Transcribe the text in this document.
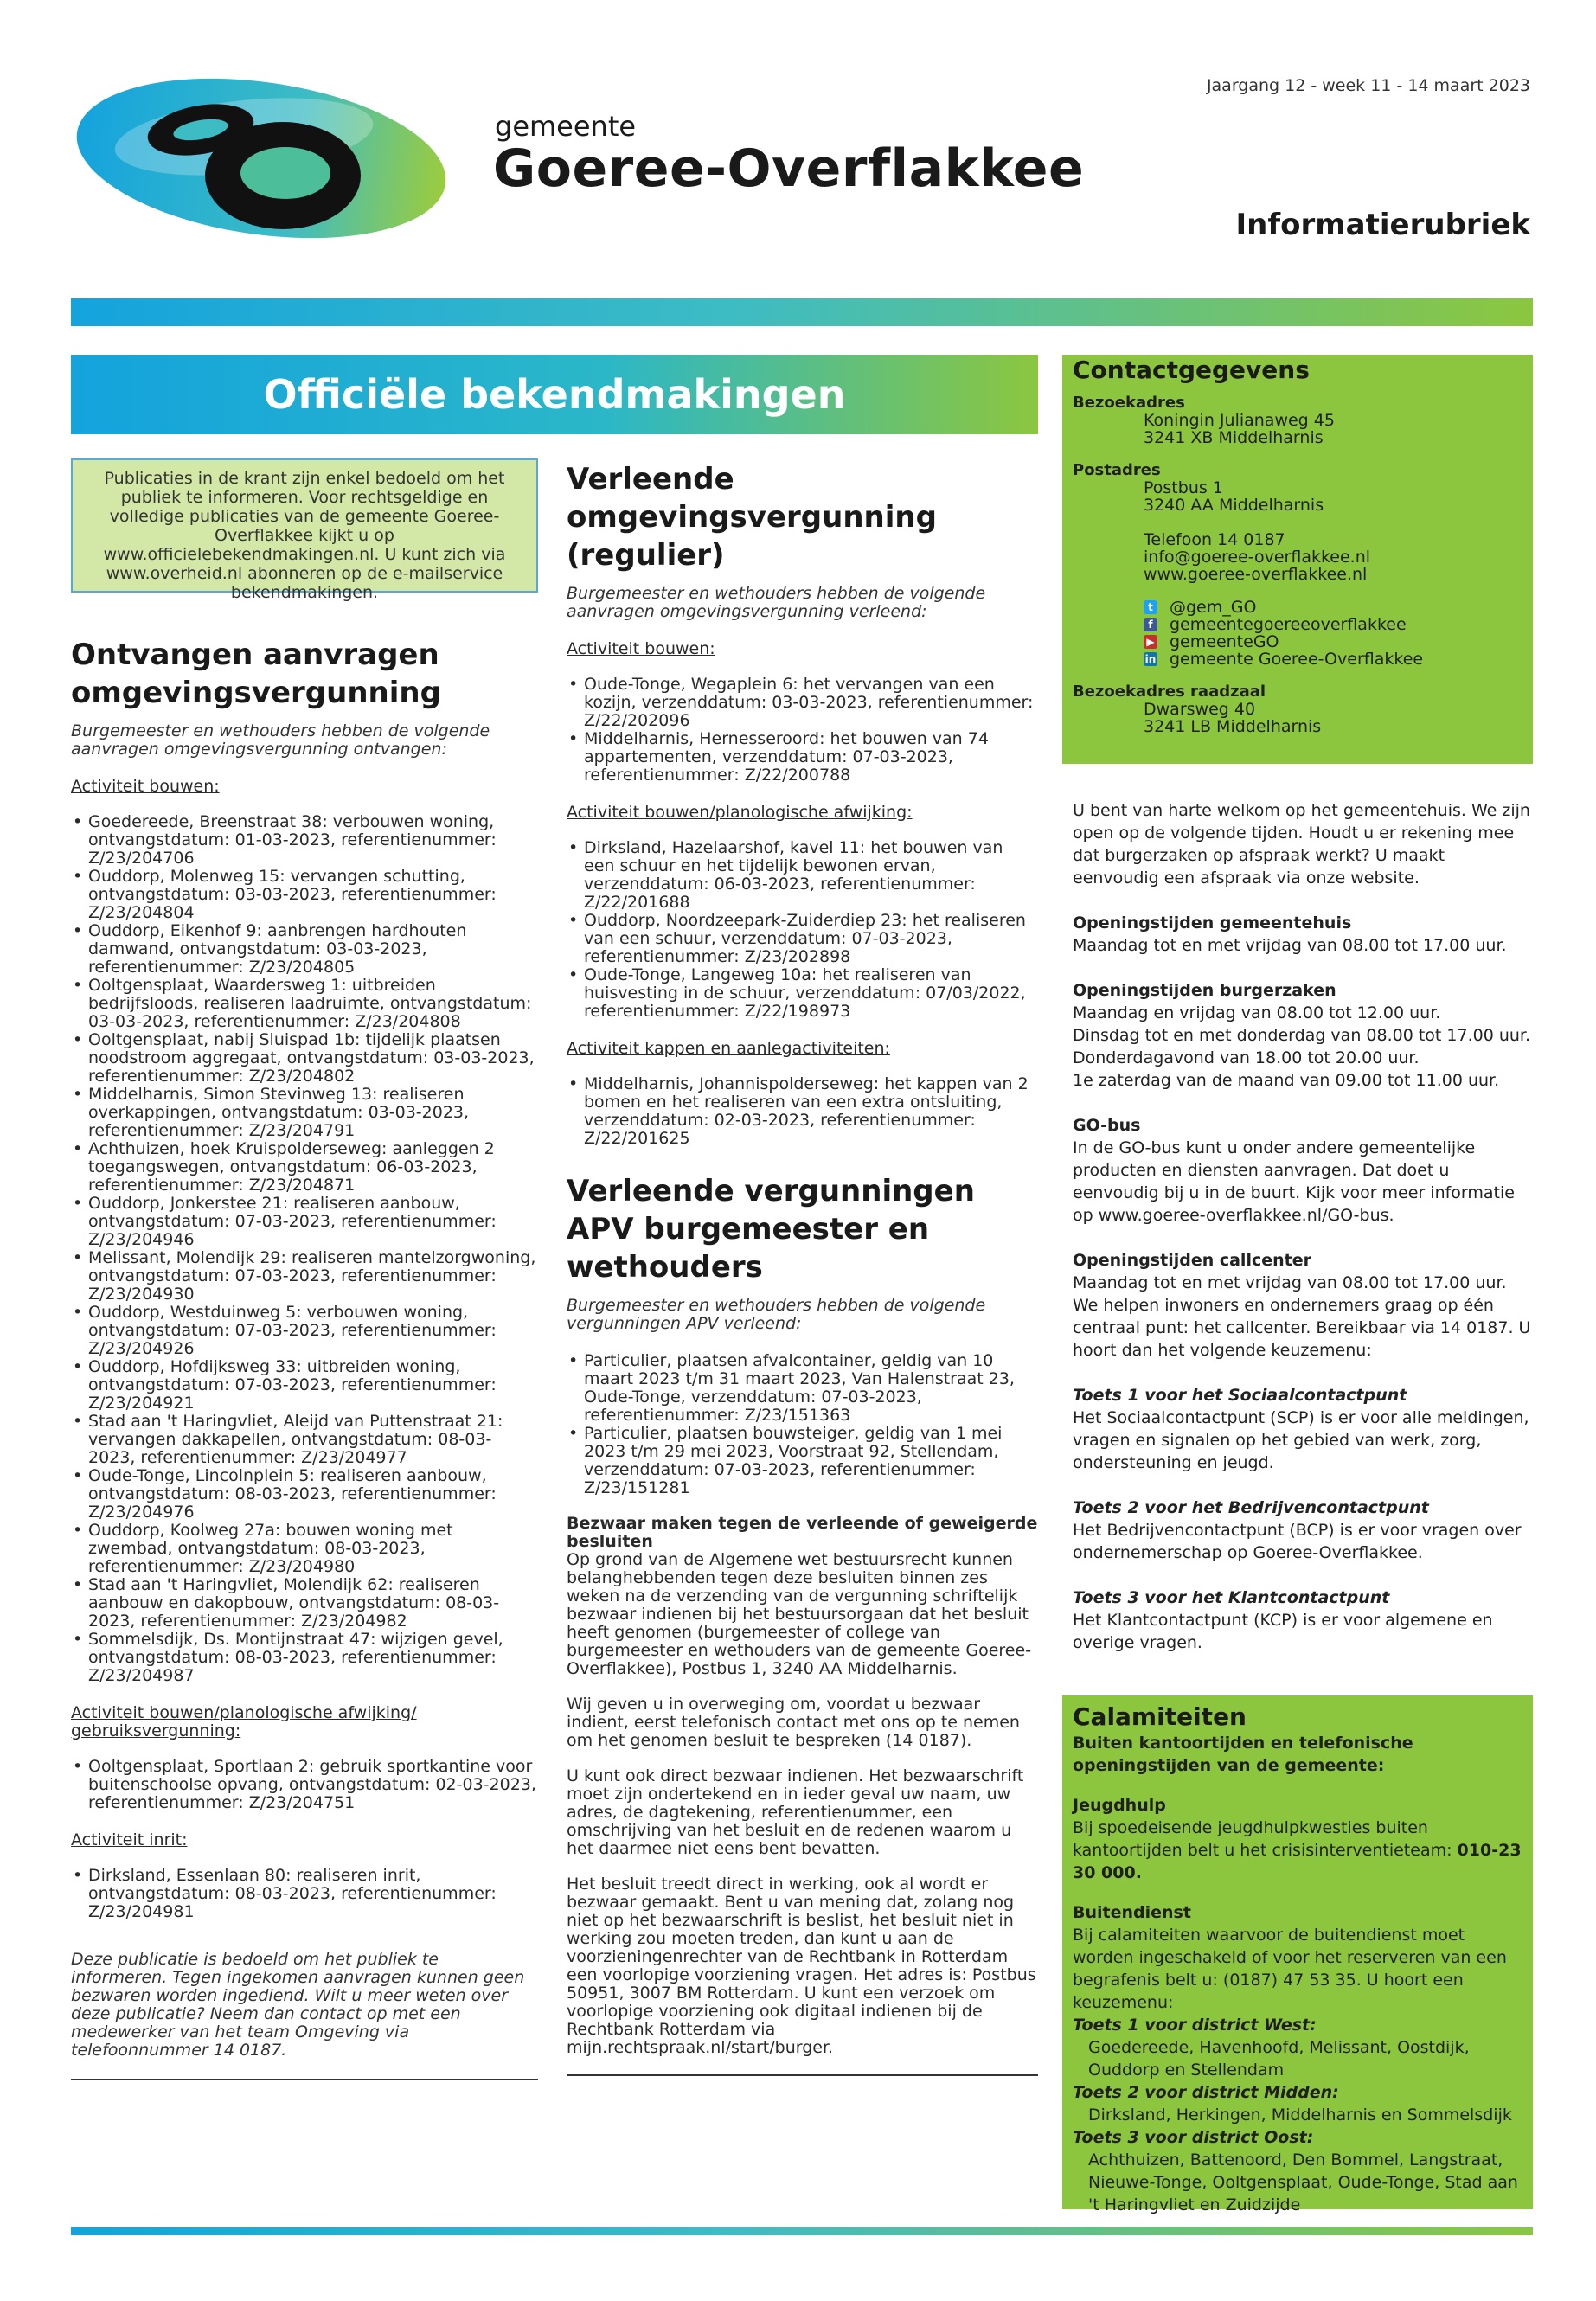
gemeente
Goeree-Overflakkee
Jaargang 12 - week 11 - 14 maart 2023
Informatierubriek
Officiële bekendmakingen
Publicaties in de krant zijn enkel bedoeld om het publiek te informeren. Voor rechtsgeldige en volledige publicaties van de gemeente Goeree-Overflakkee kijkt u op www.officielebekendmakingen.nl. U kunt zich via www.overheid.nl abonneren op de e-mailservice bekendmakingen.
Ontvangen aanvragen omgevingsvergunning
Burgemeester en wethouders hebben de volgende aanvragen omgevingsvergunning ontvangen:
Activiteit bouwen:
• Goedereede, Breenstraat 38: verbouwen woning, ontvangstdatum: 01-03-2023, referentienummer: Z/23/204706
• Ouddorp, Molenweg 15: vervangen schutting, ontvangstdatum: 03-03-2023, referentienummer: Z/23/204804
• Ouddorp, Eikenhof 9: aanbrengen hardhouten damwand, ontvangstdatum: 03-03-2023, referentienummer: Z/23/204805
• Ooltgensplaat, Waardersweg 1: uitbreiden bedrijfsloods, realiseren laadruimte, ontvangstdatum: 03-03-2023, referentienummer: Z/23/204808
• Ooltgensplaat, nabij Sluispad 1b: tijdelijk plaatsen noodstroom aggregaat, ontvangstdatum: 03-03-2023, referentienummer: Z/23/204802
• Middelharnis, Simon Stevinweg 13: realiseren overkappingen, ontvangstdatum: 03-03-2023, referentienummer: Z/23/204791
• Achthuizen, hoek Kruispolderseweg: aanleggen 2 toegangswegen, ontvangstdatum: 06-03-2023, referentienummer: Z/23/204871
• Ouddorp, Jonkerstee 21: realiseren aanbouw, ontvangstdatum: 07-03-2023, referentienummer: Z/23/204946
• Melissant, Molendijk 29: realiseren mantelzorgwoning, ontvangstdatum: 07-03-2023, referentienummer: Z/23/204930
• Ouddorp, Westduinweg 5: verbouwen woning, ontvangstdatum: 07-03-2023, referentienummer: Z/23/204926
• Ouddorp, Hofdijksweg 33: uitbreiden woning, ontvangstdatum: 07-03-2023, referentienummer: Z/23/204921
• Stad aan 't Haringvliet, Aleijd van Puttenstraat 21: vervangen dakkapellen, ontvangstdatum: 08-03-2023, referentienummer: Z/23/204977
• Oude-Tonge, Lincolnplein 5: realiseren aanbouw, ontvangstdatum: 08-03-2023, referentienummer: Z/23/204976
• Ouddorp, Koolweg 27a: bouwen woning met zwembad, ontvangstdatum: 08-03-2023, referentienummer: Z/23/204980
• Stad aan 't Haringvliet, Molendijk 62: realiseren aanbouw en dakopbouw, ontvangstdatum: 08-03-2023, referentienummer: Z/23/204982
• Sommelsdijk, Ds. Montijnstraat 47: wijzigen gevel, ontvangstdatum: 08-03-2023, referentienummer: Z/23/204987
Activiteit bouwen/planologische afwijking/ gebruiksvergunning:
• Ooltgensplaat, Sportlaan 2: gebruik sportkantine voor buitenschoolse opvang, ontvangstdatum: 02-03-2023, referentienummer: Z/23/204751
Activiteit inrit:
• Dirksland, Essenlaan 80: realiseren inrit, ontvangstdatum: 08-03-2023, referentienummer: Z/23/204981
Deze publicatie is bedoeld om het publiek te informeren. Tegen ingekomen aanvragen kunnen geen bezwaren worden ingediend. Wilt u meer weten over deze publicatie? Neem dan contact op met een medewerker van het team Omgeving via telefoonnummer 14 0187.
Verleende omgevingsvergunning (regulier)
Burgemeester en wethouders hebben de volgende aanvragen omgevingsvergunning verleend:
Activiteit bouwen:
• Oude-Tonge, Wegaplein 6: het vervangen van een kozijn, verzenddatum: 03-03-2023, referentienummer: Z/22/202096
• Middelharnis, Hernesseroord: het bouwen van 74 appartementen, verzenddatum: 07-03-2023, referentienummer: Z/22/200788
Activiteit bouwen/planologische afwijking:
• Dirksland, Hazelaarshof, kavel 11: het bouwen van een schuur en het tijdelijk bewonen ervan, verzenddatum: 06-03-2023, referentienummer: Z/22/201688
• Ouddorp, Noordzeepark-Zuiderdiep 23: het realiseren van een schuur, verzenddatum: 07-03-2023, referentienummer: Z/23/202898
• Oude-Tonge, Langeweg 10a: het realiseren van huisvesting in de schuur, verzenddatum: 07/03/2022, referentienummer: Z/22/198973
Activiteit kappen en aanlegactiviteiten:
• Middelharnis, Johannispolderseweg: het kappen van 2 bomen en het realiseren van een extra ontsluiting, verzenddatum: 02-03-2023, referentienummer: Z/22/201625
Verleende vergunningen APV burgemeester en wethouders
Burgemeester en wethouders hebben de volgende vergunningen APV verleend:
• Particulier, plaatsen afvalcontainer, geldig van 10 maart 2023 t/m 31 maart 2023, Van Halenstraat 23, Oude-Tonge, verzenddatum: 07-03-2023, referentienummer: Z/23/151363
• Particulier, plaatsen bouwsteiger, geldig van 1 mei 2023 t/m 29 mei 2023, Voorstraat 92, Stellendam, verzenddatum: 07-03-2023, referentienummer: Z/23/151281
Bezwaar maken tegen de verleende of geweigerde besluiten
Op grond van de Algemene wet bestuursrecht kunnen belanghebbenden tegen deze besluiten binnen zes weken na de verzending van de vergunning schriftelijk bezwaar indienen bij het bestuursorgaan dat het besluit heeft genomen (burgemeester of college van burgemeester en wethouders van de gemeente Goeree-Overflakkee), Postbus 1, 3240 AA Middelharnis.
Wij geven u in overweging om, voordat u bezwaar indient, eerst telefonisch contact met ons op te nemen om het genomen besluit te bespreken (14 0187).
U kunt ook direct bezwaar indienen. Het bezwaarschrift moet zijn ondertekend en in ieder geval uw naam, uw adres, de dagtekening, referentienummer, een omschrijving van het besluit en de redenen waarom u het daarmee niet eens bent bevatten.
Het besluit treedt direct in werking, ook al wordt er bezwaar gemaakt. Bent u van mening dat, zolang nog niet op het bezwaarschrift is beslist, het besluit niet in werking zou moeten treden, dan kunt u aan de voorzieningenrechter van de Rechtbank in Rotterdam een voorlopige voorziening vragen. Het adres is: Postbus 50951, 3007 BM Rotterdam. U kunt een verzoek om voorlopige voorziening ook digitaal indienen bij de Rechtbank Rotterdam via mijn.rechtspraak.nl/start/burger.
Contactgegevens
Bezoekadres
Koningin Julianaweg 45
3241 XB Middelharnis
Postadres
Postbus 1
3240 AA Middelharnis
Telefoon 14 0187
info@goeree-overflakkee.nl
www.goeree-overflakkee.nl
t @gem_GO
f gemeentegoereeoverflakkee
▶ gemeenteGO
in gemeente Goeree-Overflakkee
Bezoekadres raadzaal
Dwarsweg 40
3241 LB Middelharnis
U bent van harte welkom op het gemeentehuis. We zijn open op de volgende tijden. Houdt u er rekening mee dat burgerzaken op afspraak werkt? U maakt eenvoudig een afspraak via onze website.
Openingstijden gemeentehuis
Maandag tot en met vrijdag van 08.00 tot 17.00 uur.
Openingstijden burgerzaken
Maandag en vrijdag van 08.00 tot 12.00 uur.
Dinsdag tot en met donderdag van 08.00 tot 17.00 uur.
Donderdagavond van 18.00 tot 20.00 uur.
1e zaterdag van de maand van 09.00 tot 11.00 uur.
GO-bus
In de GO-bus kunt u onder andere gemeentelijke producten en diensten aanvragen. Dat doet u eenvoudig bij u in de buurt. Kijk voor meer informatie op www.goeree-overflakkee.nl/GO-bus.
Openingstijden callcenter
Maandag tot en met vrijdag van 08.00 tot 17.00 uur. We helpen inwoners en ondernemers graag op één centraal punt: het callcenter. Bereikbaar via 14 0187. U hoort dan het volgende keuzemenu:
Toets 1 voor het Sociaalcontactpunt
Het Sociaalcontactpunt (SCP) is er voor alle meldingen, vragen en signalen op het gebied van werk, zorg, ondersteuning en jeugd.
Toets 2 voor het Bedrijvencontactpunt
Het Bedrijvencontactpunt (BCP) is er voor vragen over ondernemerschap op Goeree-Overflakkee.
Toets 3 voor het Klantcontactpunt
Het Klantcontactpunt (KCP) is er voor algemene en overige vragen.
Calamiteiten
Buiten kantoortijden en telefonische openingstijden van de gemeente:
Jeugdhulp
Bij spoedeisende jeugdhulpkwesties buiten kantoortijden belt u het crisisinterventieteam: 010-23 30 000.
Buitendienst
Bij calamiteiten waarvoor de buitendienst moet worden ingeschakeld of voor het reserveren van een begrafenis belt u: (0187) 47 53 35. U hoort een keuzemenu:
Toets 1 voor district West:
Goedereede, Havenhoofd, Melissant, Oostdijk, Ouddorp en Stellendam
Toets 2 voor district Midden:
Dirksland, Herkingen, Middelharnis en Sommelsdijk
Toets 3 voor district Oost:
Achthuizen, Battenoord, Den Bommel, Langstraat, Nieuwe-Tonge, Ooltgensplaat, Oude-Tonge, Stad aan 't Haringvliet en Zuidzijde
